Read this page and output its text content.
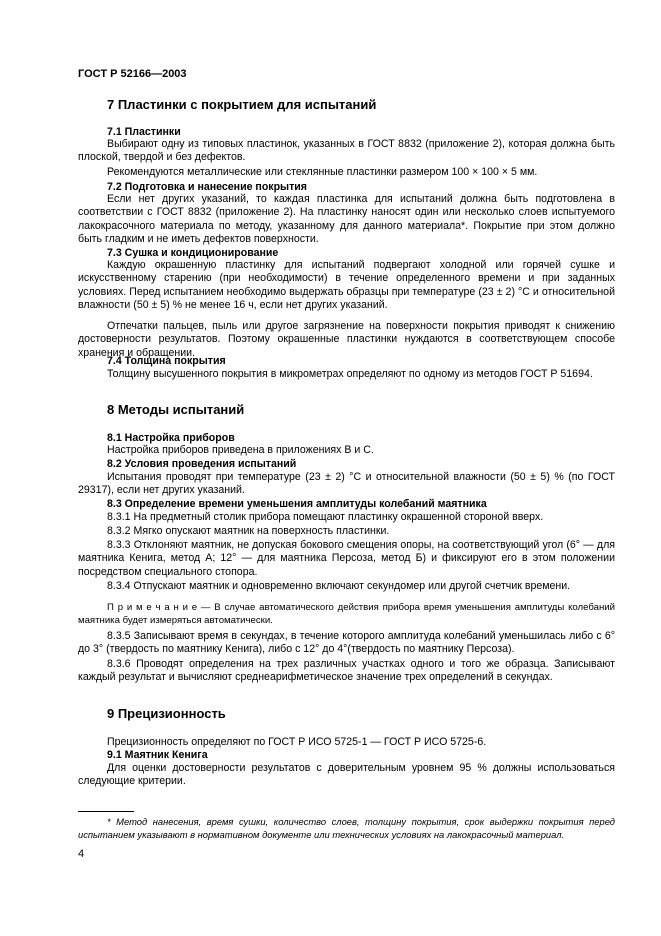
ГОСТ Р 52166—2003
7 Пластинки с покрытием для испытаний
7.1 Пластинки
Выбирают одну из типовых пластинок, указанных в ГОСТ 8832 (приложение 2), которая должна быть плоской, твердой и без дефектов.
Рекомендуются металлические или стеклянные пластинки размером 100 × 100 × 5 мм.
7.2 Подготовка и нанесение покрытия
Если нет других указаний, то каждая пластинка для испытаний должна быть подготовлена в соответствии с ГОСТ 8832 (приложение 2). На пластинку наносят один или несколько слоев испытуемого лакокрасочного материала по методу, указанному для данного материала*. Покрытие при этом должно быть гладким и не иметь дефектов поверхности.
7.3 Сушка и кондиционирование
Каждую окрашенную пластинку для испытаний подвергают холодной или горячей сушке и искусственному старению (при необходимости) в течение определенного времени и при заданных условиях. Перед испытанием необходимо выдержать образцы при температуре (23 ± 2) °С и относительной влажности (50 ± 5) % не менее 16 ч, если нет других указаний.
Отпечатки пальцев, пыль или другое загрязнение на поверхности покрытия приводят к снижению достоверности результатов. Поэтому окрашенные пластинки нуждаются в соответствующем способе хранения и обращении.
7.4 Толщина покрытия
Толщину высушенного покрытия в микрометрах определяют по одному из методов ГОСТ Р 51694.
8 Методы испытаний
8.1 Настройка приборов
Настройка приборов приведена в приложениях В и С.
8.2 Условия проведения испытаний
Испытания проводят при температуре (23 ± 2) °С и относительной влажности (50 ± 5) % (по ГОСТ 29317), если нет других указаний.
8.3 Определение времени уменьшения амплитуды колебаний маятника
8.3.1 На предметный столик прибора помещают пластинку окрашенной стороной вверх.
8.3.2 Мягко опускают маятник на поверхность пластинки.
8.3.3 Отклоняют маятник, не допуская бокового смещения опоры, на соответствующий угол (6° — для маятника Кенига, метод А; 12° — для маятника Персоза, метод Б) и фиксируют его в этом положении посредством специального стопора.
8.3.4 Отпускают маятник и одновременно включают секундомер или другой счетчик времени.
П р и м е ч а н и е — В случае автоматического действия прибора время уменьшения амплитуды колебаний маятника будет измеряться автоматически.
8.3.5 Записывают время в секундах, в течение которого амплитуда колебаний уменьшилась либо с 6° до 3° (твердость по маятнику Кенига), либо с 12° до 4°(твердость по маятнику Персоза).
8.3.6 Проводят определения на трех различных участках одного и того же образца. Записывают каждый результат и вычисляют среднеарифметическое значение трех определений в секундах.
9 Прецизионность
Прецизионность определяют по ГОСТ Р ИСО 5725-1 — ГОСТ Р ИСО 5725-6.
9.1 Маятник Кенига
Для оценки достоверности результатов с доверительным уровнем 95 % должны использоваться следующие критерии.
* Метод нанесения, время сушки, количество слоев, толщину покрытия, срок выдержки покрытия перед испытанием указывают в нормативном документе или технических условиях на лакокрасочный материал.
4
